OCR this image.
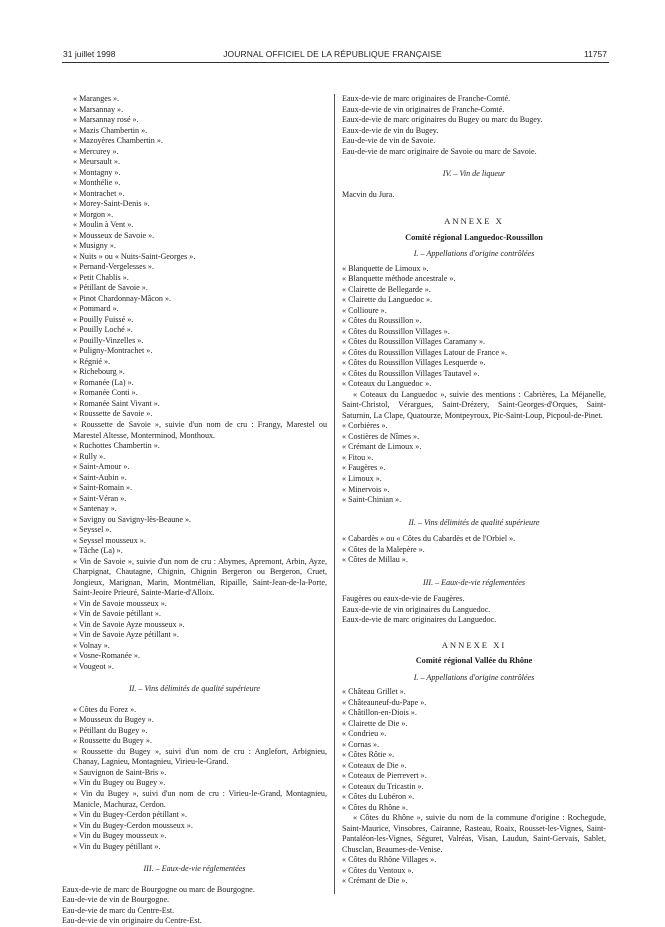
31 juillet 1998	JOURNAL OFFICIEL DE LA RÉPUBLIQUE FRANÇAISE	11757

« Maranges ».

« Marsannay ».

« Marsannay rosé ».

« Mazis Chambertin ».

« Mazoyères Chambertin ».

« Mercurey ».

« Meursault ».

« Montagny ».

« Monthélie ».

« Montrachet ».

« Morey-Saint-Denis ».

« Morgon ».

« Moulin à Vent ».

« Mousseux de Savoie ».

« Musigny ».

« Nuits » ou « Nuits-Saint-Georges ».

« Pernand-Vergelesses ».

« Petit Chablis ».

« Pétillant de Savoie ».

« Pinot Chardonnay-Mâcon ».

« Pommard ».

« Pouilly Fuissé ».

« Pouilly Loché ».

« Pouilly-Vinzelles ».

« Puligny-Montrachet ».

« Régnié ».

« Richebourg ».

« Romanée (La) ».

« Romanée Conti ».

« Romanée Saint Vivant ».

« Roussette de Savoie ».

« Roussette de Savoie », suivie d'un nom de cru : Frangy, Marestel ou Marestel Altesse, Monterminod, Monthoux.

« Ruchottes Chambertin ».

« Rully ».

« Saint-Amour ».

« Saint-Aubin ».

« Saint-Romain ».

« Saint-Véran ».

« Santenay ».

« Savigny ou Savigny-lès-Beaune ».

« Seyssel ».

« Seyssel mousseux ».

« Tâche (La) ».

« Vin de Savoie », suivie d'un nom de cru : Abymes, Apremont, Arbin, Ayze, Charpignat, Chautagne, Chignin, Chignin Bergeron ou Bergeron, Cruet, Jongieux, Marignan, Marin, Montmélian, Ripaille, Saint-Jean-de-la-Porte, Saint-Jeoire Prieuré, Sainte-Marie-d'Alloix.

« Vin de Savoie mousseux ».

« Vin de Savoie pétillant ».

« Vin de Savoie Ayze mousseux ».

« Vin de Savoie Ayze pétillant ».

« Volnay ».

« Vosne-Romanée ».

« Vougeot ».

II. – Vins délimités de qualité supérieure

« Côtes du Forez ».

« Mousseux du Bugey ».

« Pétillant du Bugey ».

« Roussette du Bugey ».

« Roussette du Bugey », suivi d'un nom de cru : Anglefort, Arbignieu, Chanay, Lagnieu, Montagnieu, Virieu-le-Grand.

« Sauvignon de Saint-Bris ».

« Vin du Bugey ou Bugey ».

« Vin du Bugey », suivi d'un nom de cru : Virieu-le-Grand, Montagnieu, Manicle, Machuraz, Cerdon.

« Vin du Bugey-Cerdon pétillant ».

« Vin du Bugey-Cerdon mousseux ».

« Vin du Bugey mousseux ».

« Vin du Bugey pétillant ».

III. – Eaux-de-vie réglementées

Eaux-de-vie de marc de Bourgogne ou marc de Bourgogne.

Eau-de-vie de vin de Bourgogne.

Eau-de-vie de marc du Centre-Est.

Eau-de-vie de vin originaire du Centre-Est.

Eaux-de-vie de marc originaires de Franche-Comté.

Eaux-de-vie de vin originaires de Franche-Comté.

Eaux-de-vie de marc originaires du Bugey ou marc du Bugey.

Eaux-de-vie de vin du Bugey.

Eau-de-vie de vin de Savoie.

Eau-de-vie de marc originaire de Savoie ou marc de Savoie.

IV. – Vin de liqueur

Macvin du Jura.

ANNEXE X

Comité régional Languedoc-Roussillon

I. – Appellations d'origine contrôlées

« Blanquette de Limoux ».

« Blanquette méthode ancestrale ».

« Clairette de Bellegarde ».

« Clairette du Languedoc ».

« Collioure ».

« Côtes du Roussillon ».

« Côtes du Roussillon Villages ».

« Côtes du Roussillon Villages Caramany ».

« Côtes du Roussillon Villages Latour de France ».

« Côtes du Roussillon Villages Lesquerde ».

« Côtes du Roussillon Villages Tautavel ».

« Coteaux du Languedoc ».

« Coteaux du Languedoc », suivie des mentions : Cabrières, La Méjanelle, Saint-Christol, Vérargues, Saint-Drézery, Saint-Georges-d'Orques, Saint-Saturnin, La Clape, Quatourze, Montpeyroux, Pic-Saint-Loup, Picpoul-de-Pinet.

« Corbières ».

« Costières de Nîmes ».

« Crémant de Limoux ».

« Fitou ».

« Faugères ».

« Limoux ».

« Minervois ».

« Saint-Chinian ».

II. – Vins délimités de qualité supérieure

« Cabardès » ou « Côtes du Cabardès et de l'Orbiel ».

« Côtes de la Malepère ».

« Côtes de Millau ».

III. – Eaux-de-vie réglementées

Faugères ou eaux-de-vie de Faugères.

Eaux-de-vie de vin originaires du Languedoc.

Eaux-de-vie de marc originaires du Languedoc.

ANNEXE XI

Comité régional Vallée du Rhône

I. – Appellations d'origine contrôlées

« Château Grillet ».

« Châteauneuf-du-Pape ».

« Châtillon-en-Diois ».

« Clairette de Die ».

« Condrieu ».

« Cornas ».

« Côtes Rôtie ».

« Coteaux de Die ».

« Coteaux de Pierrevert ».

« Coteaux du Tricastin ».

« Côtes du Lubéron ».

« Côtes du Rhône ».

« Côtes du Rhône », suivie du nom de la commune d'origine : Rochegude, Saint-Maurice, Vinsobres, Cairanne, Rasteau, Roaix, Rousset-les-Vignes, Saint-Pantaléon-les-Vignes, Séguret, Valréas, Visan, Laudun, Saint-Gervais, Sablet, Chusclan, Beaumes-de-Venise.

« Côtes du Rhône Villages ».

« Côtes du Ventoux ».

« Crémant de Die ».
